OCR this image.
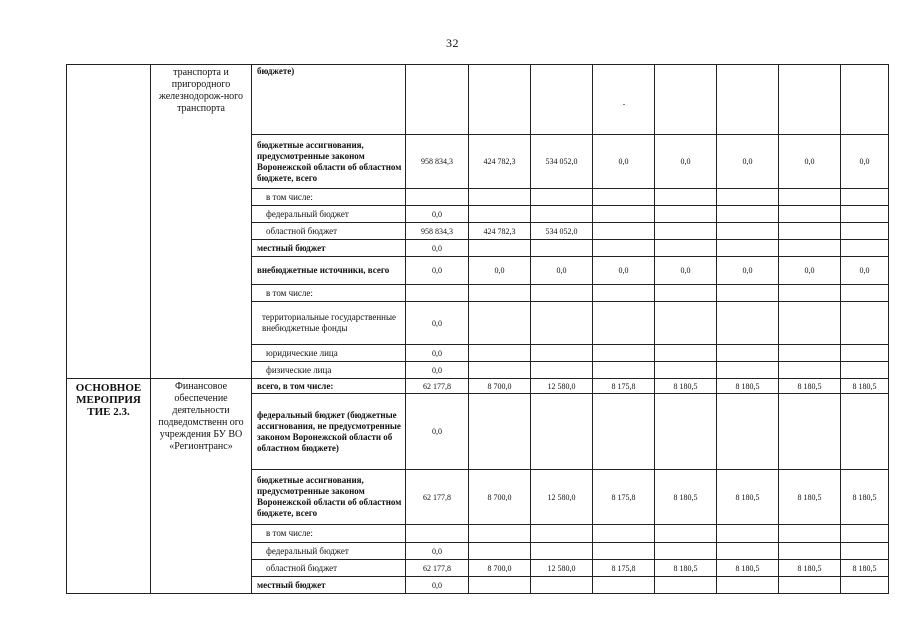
32
	транспорта и пригородного железнодорож-ного транспорта	бюджете)								
		бюджетные ассигнования, предусмотренные законом Воронежской области об областном бюджете, всего	958 834,3	424 782,3	534 052,0	0,0	0,0	0,0	0,0	0,0
		в том числе:								
		федеральный бюджет	0,0							
		областной бюджет	958 834,3	424 782,3	534 052,0					
		местный бюджет	0,0							
		внебюджетные источники, всего	0,0	0,0	0,0	0,0	0,0	0,0	0,0	0,0
		в том числе:								
		территориальные государственные внебюджетные фонды	0,0							
		юридические лица	0,0							
		физические лица	0,0							
ОСНОВНОЕ МЕРОПРИЯ ТИЕ 2.3.	Финансовое обеспечение деятельности подведомственн ого учреждения БУ ВО «Регионтранс»	всего, в том числе:	62 177,8	8 700,0	12 580,0	8 175,8	8 180,5	8 180,5	8 180,5	8 180,5
		федеральный бюджет (бюджетные ассигнования, не предусмотренные законом Воронежской области об областном бюджете)	0,0							
		бюджетные ассигнования, предусмотренные законом Воронежской области об областном бюджете, всего	62 177,8	8 700,0	12 580,0	8 175,8	8 180,5	8 180,5	8 180,5	8 180,5
		в том числе:								
		федеральный бюджет	0,0							
		областной бюджет	62 177,8	8 700,0	12 580,0	8 175,8	8 180,5	8 180,5	8 180,5	8 180,5
		местный бюджет	0,0							
